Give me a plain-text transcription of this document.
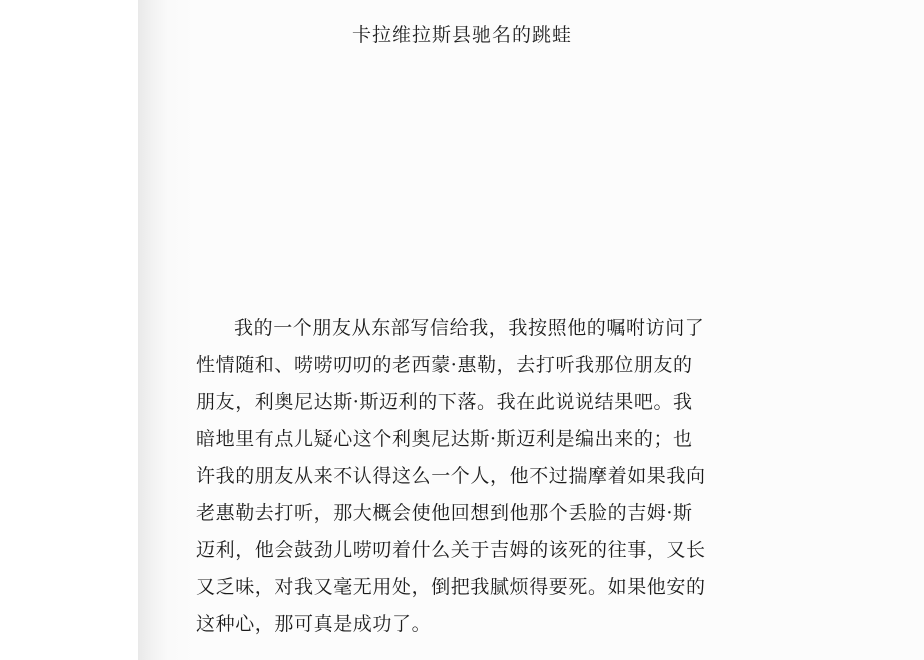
卡拉维拉斯县驰名的跳蛙
我的一个朋友从东部写信给我，我按照他的嘱咐访问了
性情随和、唠唠叨叨的老西蒙·惠勒，去打听我那位朋友的
朋友，利奥尼达斯·斯迈利的下落。我在此说说结果吧。我
暗地里有点儿疑心这个利奥尼达斯·斯迈利是编出来的；也
许我的朋友从来不认得这么一个人，他不过揣摩着如果我向
老惠勒去打听，那大概会使他回想到他那个丢脸的吉姆·斯
迈利，他会鼓劲儿唠叨着什么关于吉姆的该死的往事，又长
又乏味，对我又毫无用处，倒把我腻烦得要死。如果他安的
这种心，那可真是成功了。
